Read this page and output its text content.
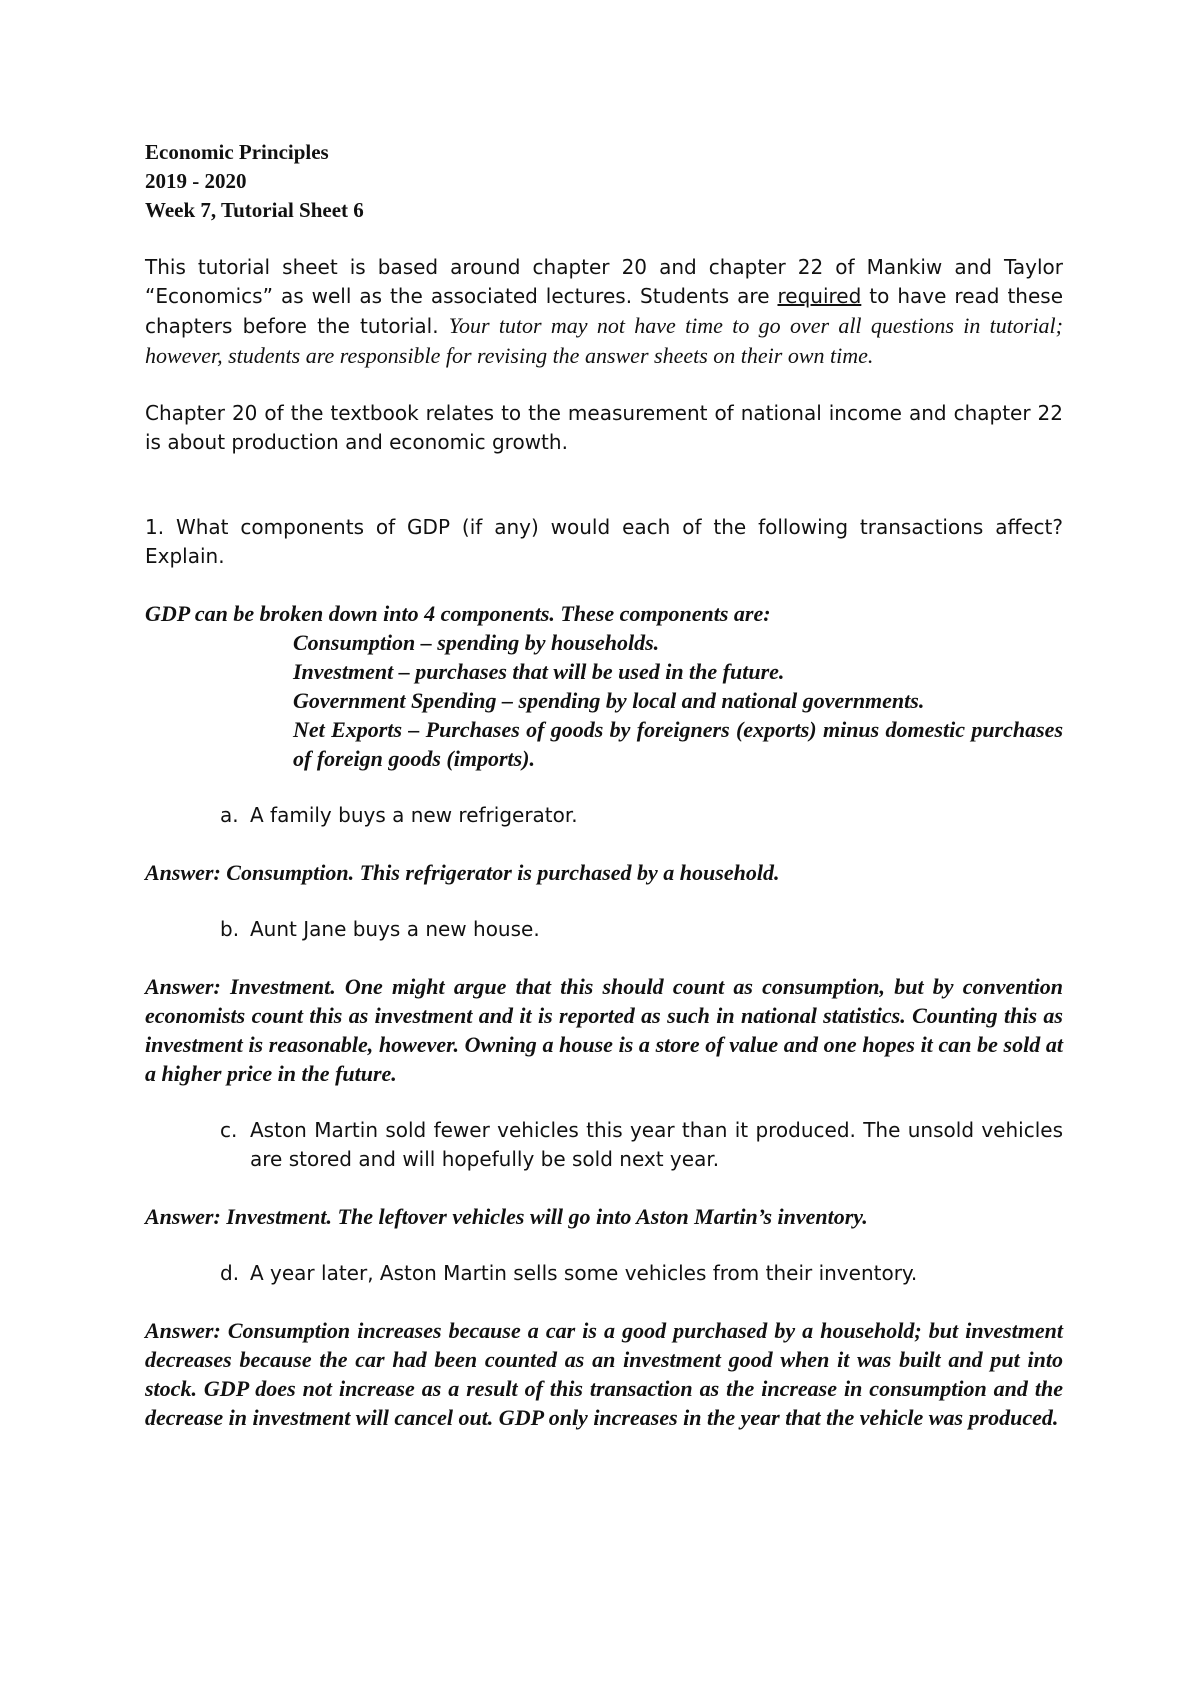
Economic Principles

2019 - 2020

Week 7, Tutorial Sheet 6

This tutorial sheet is based around chapter 20 and chapter 22 of Mankiw and Taylor “Economics” as well as the associated lectures. Students are required to have read these chapters before the tutorial. Your tutor may not have time to go over all questions in tutorial; however, students are responsible for revising the answer sheets on their own time.

Chapter 20 of the textbook relates to the measurement of national income and chapter 22 is about production and economic growth.

1. What components of GDP (if any) would each of the following transactions affect? Explain.

GDP can be broken down into 4 components. These components are:

Consumption – spending by households.
Investment – purchases that will be used in the future.
Government Spending – spending by local and national governments.
Net Exports – Purchases of goods by foreigners (exports) minus domestic purchases of foreign goods (imports).
a. A family buys a new refrigerator.

Answer: Consumption. This refrigerator is purchased by a household.

b. Aunt Jane buys a new house.

Answer: Investment. One might argue that this should count as consumption, but by convention economists count this as investment and it is reported as such in national statistics. Counting this as investment is reasonable, however. Owning a house is a store of value and one hopes it can be sold at a higher price in the future.

c. Aston Martin sold fewer vehicles this year than it produced. The unsold vehicles are stored and will hopefully be sold next year.

Answer: Investment. The leftover vehicles will go into Aston Martin’s inventory.

d. A year later, Aston Martin sells some vehicles from their inventory.

Answer: Consumption increases because a car is a good purchased by a household; but investment decreases because the car had been counted as an investment good when it was built and put into stock. GDP does not increase as a result of this transaction as the increase in consumption and the decrease in investment will cancel out. GDP only increases in the year that the vehicle was produced.
